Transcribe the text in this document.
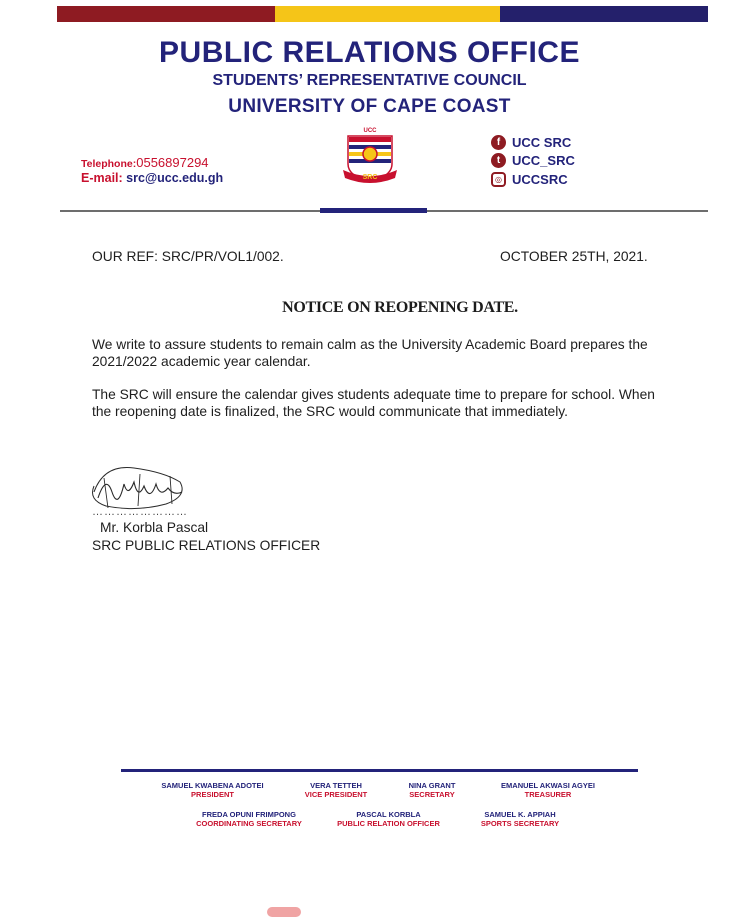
PUBLIC RELATIONS OFFICE
STUDENTS’ REPRESENTATIVE COUNCIL
UNIVERSITY OF CAPE COAST
Telephone:0556897294
E-mail: src@ucc.edu.gh
UCC
SRC
f UCC SRC
t UCC_SRC
◎ UCCSRC
OUR REF: SRC/PR/VOL1/002.	OCTOBER 25TH, 2021.
NOTICE ON REOPENING DATE.
We write to assure students to remain calm as the University Academic Board prepares the 2021/2022 academic year calendar.
The SRC will ensure the calendar gives students adequate time to prepare for school. When the reopening date is finalized, the SRC would communicate that immediately.
……………………
Mr. Korbla Pascal
SRC PUBLIC RELATIONS OFFICER
SAMUEL KWABENA ADOTEI
PRESIDENT
VERA TETTEH
VICE PRESIDENT
NINA GRANT
SECRETARY
EMANUEL AKWASI AGYEI
TREASURER
FREDA OPUNI FRIMPONG
COORDINATING SECRETARY
PASCAL KORBLA
PUBLIC RELATION OFFICER
SAMUEL K. APPIAH
SPORTS SECRETARY
